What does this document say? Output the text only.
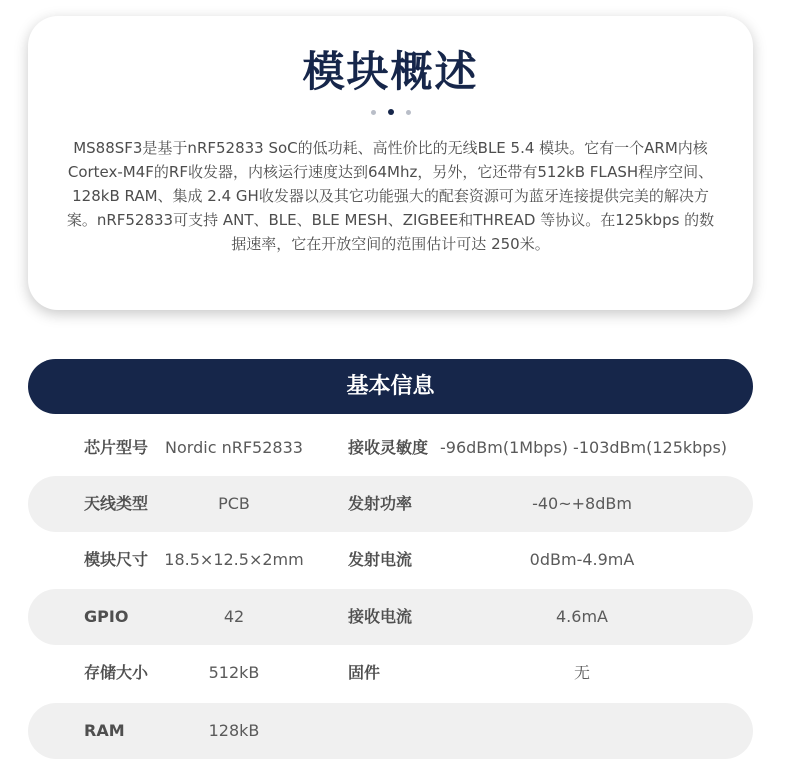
模块概述
MS88SF3是基于nRF52833 SoC的低功耗、高性价比的无线BLE 5.4 模块。它有一个ARM内核Cortex-M4F的RF收发器，内核运行速度达到64Mhz，另外，它还带有512kB FLASH程序空间、128kB RAM、集成 2.4 GH收发器以及其它功能强大的配套资源可为蓝牙连接提供完美的解决方案。nRF52833可支持 ANT、BLE、BLE MESH、ZIGBEE和THREAD 等协议。在125kbps 的数据速率，它在开放空间的范围估计可达 250米。
基本信息
芯片型号	Nordic nRF52833	接收灵敏度 -96dBm(1Mbps) -103dBm(125kbps)
天线类型	PCB	发射功率	-40~+8dBm
模块尺寸	18.5×12.5×2mm	发射电流	0dBm-4.9mA
GPIO	42	接收电流	4.6mA
存储大小	512kB	固件	无
RAM	128kB
